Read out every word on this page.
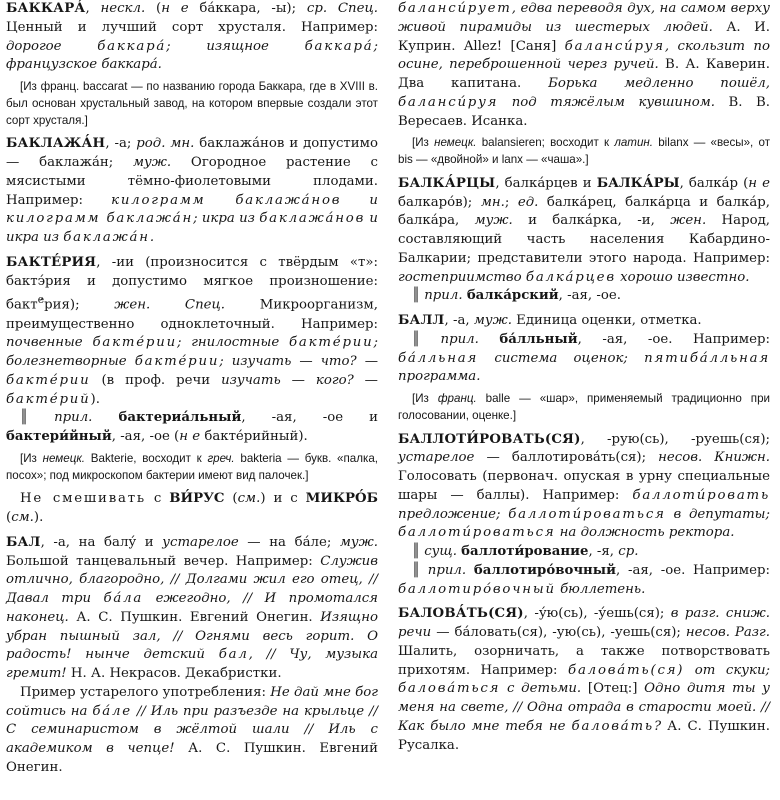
БАККАРА́, нескл. (н е ба́ккара, -ы); ср. Спец. Ценный и лучший сорт хрусталя. Например: дорогое баккара́; изящное баккара́; французское баккара́.

[Из франц. baccarat — по названию города Баккара, где в XVIII в. был основан хрустальный завод, на котором впервые создали этот сорт хрусталя.]

БАКЛАЖА́Н, -а; род. мн. баклажа́нов и допустимо — баклажа́н; муж. Огородное растение с мясистыми тёмно-фиолетовыми плодами. Например: килограмм баклажа́нов и килограмм баклажа́н; икра из баклажа́нов и икра из баклажа́н.

БАКТЕ́РИЯ, -ии (произносится с твёрдым «т»: бактэ́рия и допустимо мягкое произношение: бакт$^е$́рия); жен. Спец. Микроорганизм, преимущественно одноклеточный. Например: почвенные бакте́рии; гнилостные бакте́рии; болезнетворные бакте́рии; изучать — что? — бакте́рии (в проф. речи изучать — кого? — бакте́рий).

║ прил. бактериа́льный, -ая, -ое и бактери́йный, -ая, -ое (н е бакте́рийный).

[Из немецк. Bakterie, восходит к греч. bakteria — букв. «палка, посох»; под микроскопом бактерии имеют вид палочек.]

Не смешивать с ВИ́РУС (см.) и с МИКРО́Б (см.).

БАЛ, -а, на балу́ и устарелое — на ба́ле; муж. Большой танцевальный вечер. Например: Служив отлично, благородно, // Долгами жил его отец, // Давал три ба́ла ежегодно, // И промотался наконец. А. С. Пушкин. Евгений Онегин. Изящно убран пышный зал, // Огнями весь горит. О радость! нынче детский бал, // Чу, музыка гремит! Н. А. Некрасов. Декабристки.

Пример устарелого употребления: Не дай мне бог сойтись на ба́ле // Иль при разъезде на крыльце // С семинаристом в жёлтой шали // Иль с академиком в чепце! А. С. Пушкин. Евгений Онегин.

баланси́рует, едва переводя дух, на самом верху живой пирамиды из шестерых людей. А. И. Куприн. Allez! [Саня] баланси́руя, скользит по осине, переброшенной через ручей. В. А. Каверин. Два капитана. Борька медленно пошёл, баланси́руя под тяжёлым кувшином. В. В. Вересаев. Исанка.

[Из немецк. balansieren; восходит к латин. bilanx — «весы», от bis — «двойной» и lanx — «чаша».]

БАЛКА́РЦЫ, балка́рцев и БАЛКА́РЫ, балка́р (н е балкаро́в); мн.; ед. балка́рец, балка́рца и балка́р, балка́ра, муж. и балка́рка, -и, жен. Народ, составляющий часть населения Кабардино-Балкарии; представители этого народа. Например: гостеприимство балка́рцев хорошо известно.

║ прил. балка́рский, -ая, -ое.

БАЛЛ, -а, муж. Единица оценки, отметка.

║ прил. ба́лльный, -ая, -ое. Например: ба́лльная система оценок; пятиба́лльная программа.

[Из франц. balle — «шар», применяемый традиционно при голосовании, оценке.]

БАЛЛОТИ́РОВАТЬ(СЯ), -рую(сь), -руешь(ся); устарелое — баллотирова́ть(ся); несов. Книжн. Голосовать (первонач. опуская в урну специальные шары — баллы). Например: баллоти́ровать предложение; баллоти́роваться в депутаты; баллоти́роваться на должность ректора.

║ сущ. баллоти́рование, -я, ср.

║ прил. баллотиро́вочный, -ая, -ое. Например: баллотиро́вочный бюллетень.

БАЛОВА́ТЬ(СЯ), -у́ю(сь), -у́ешь(ся); в разг. сниж. речи — ба́ловать(ся), -ую(сь), -уешь(ся); несов. Разг. Шалить, озорничать, а также потворствовать прихотям. Например: балова́ть(ся) от скуки; балова́ться с детьми. [Отец:] Одно дитя ты у меня на свете, // Одна отрада в старости моей. // Как было мне тебя не балова́ть? А. С. Пушкин. Русалка.
